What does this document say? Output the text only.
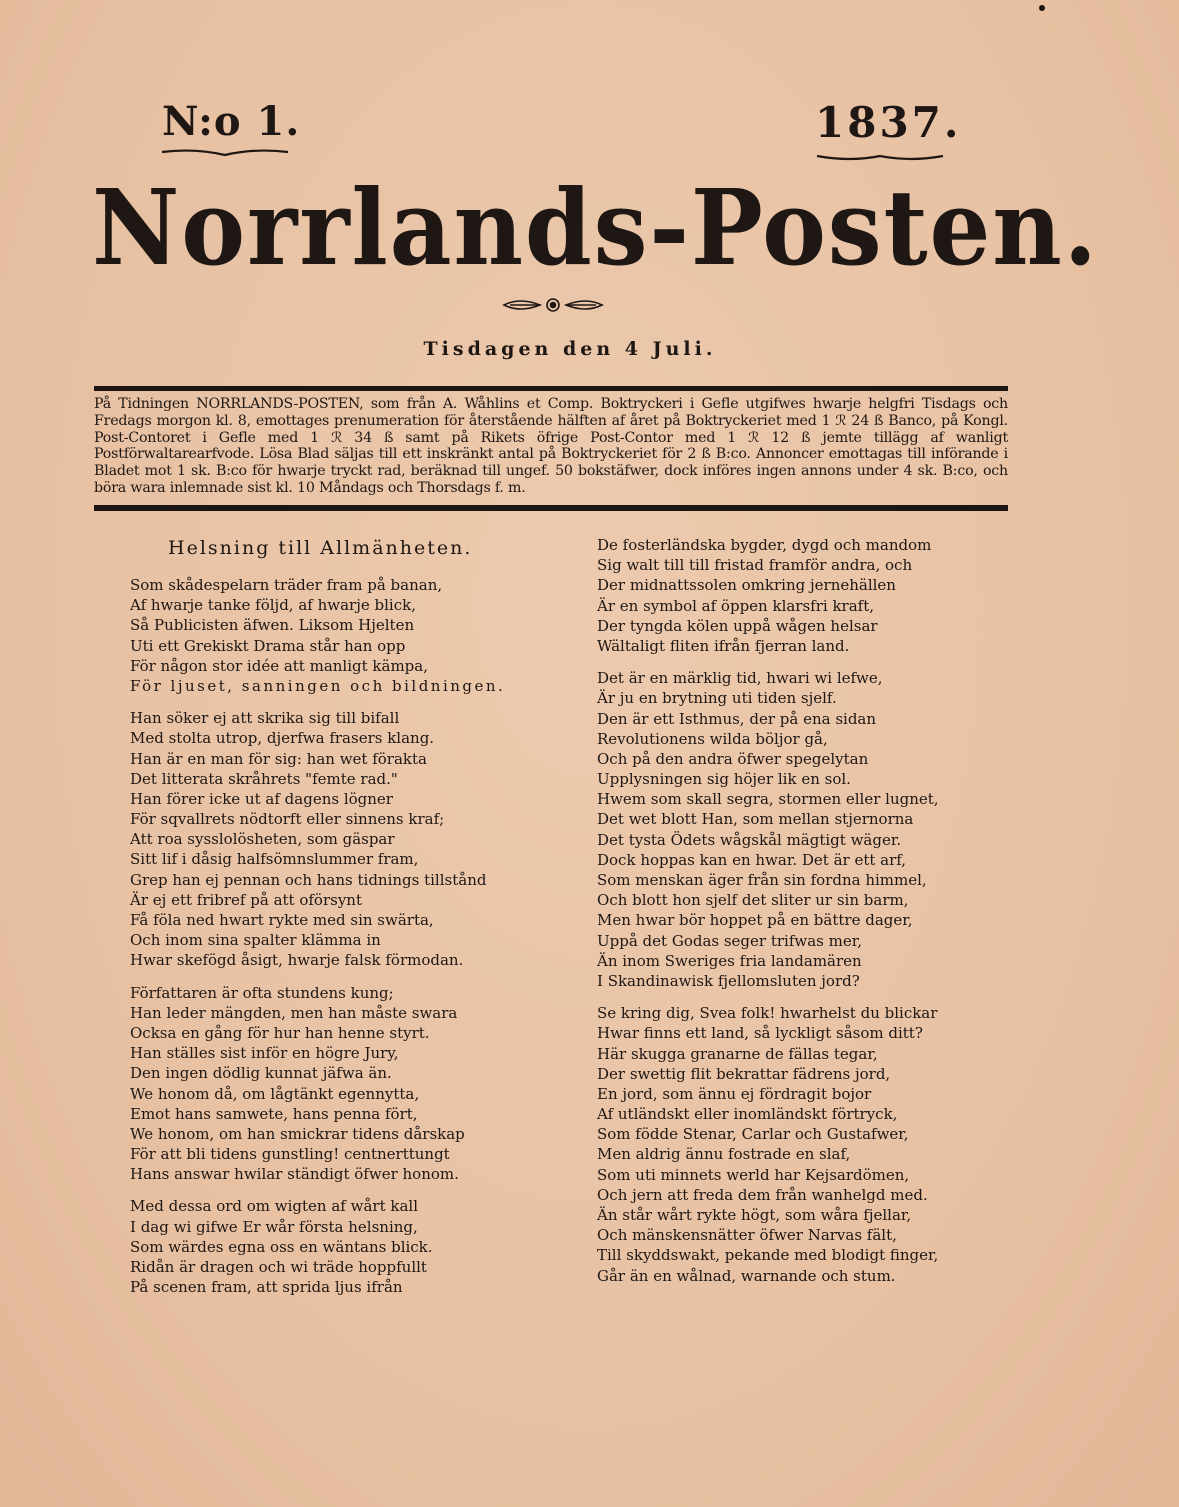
N:o 1.	1837.
Norrlands-Posten.
Tisdagen den 4 Juli.
På Tidningen NORRLANDS-POSTEN, som från A. Wåhlins et Comp. Boktryckeri i Gefle utgifwes hwarje helgfri Tisdags och Fredags morgon kl. 8, emottages prenumeration för återstående hälften af året på Boktryckeriet med 1 ℛ 24 ß Banco, på Kongl. Post-Contoret i Gefle med 1 ℛ 34 ß samt på Rikets öfrige Post-Contor med 1 ℛ 12 ß jemte tillägg af wanligt Postförwaltarearfvode. Lösa Blad säljas till ett inskränkt antal på Boktryckeriet för 2 ß B:co. Annoncer emottagas till införande i Bladet mot 1 sk. B:co för hwarje tryckt rad, beräknad till ungef. 50 bokstäfwer, dock införes ingen annons under 4 sk. B:co, och böra wara inlemnade sist kl. 10 Måndags och Thorsdags f. m.
Helsning till Allmänheten.
Som skådespelarn träder fram på banan,
Af hwarje tanke följd, af hwarje blick,
Så Publicisten äfwen. Liksom Hjelten
Uti ett Grekiskt Drama står han opp
För någon stor idée att manligt kämpa,
För ljuset, sanningen och bildningen.
Han söker ej att skrika sig till bifall
Med stolta utrop, djerfwa frasers klang.
Han är en man för sig: han wet förakta
Det litterata skråhrets "femte rad."
Han förer icke ut af dagens lögner
För sqvallrets nödtorft eller sinnens kraf;
Att roa sysslolösheten, som gäspar
Sitt lif i dåsig halfsömnslummer fram,
Grep han ej pennan och hans tidnings tillstånd
Är ej ett fribref på att oförsynt
Få föla ned hwart rykte med sin swärta,
Och inom sina spalter klämma in
Hwar skefögd åsigt, hwarje falsk förmodan.
Författaren är ofta stundens kung;
Han leder mängden, men han måste swara
Ocksa en gång för hur han henne styrt.
Han ställes sist inför en högre Jury,
Den ingen dödlig kunnat jäfwa än.
We honom då, om lågtänkt egennytta,
Emot hans samwete, hans penna fört,
We honom, om han smickrar tidens dårskap
För att bli tidens gunstling! centnerttungt
Hans answar hwilar ständigt öfwer honom.
Med dessa ord om wigten af wårt kall
I dag wi gifwe Er wår första helsning,
Som wärdes egna oss en wäntans blick.
Ridån är dragen och wi träde hoppfullt
På scenen fram, att sprida ljus ifrån
De fosterländska bygder, dygd och mandom
Sig walt till till fristad framför andra, och
Der midnattssolen omkring jernehällen
Är en symbol af öppen klarsfri kraft,
Der tyngda kölen uppå wågen helsar
Wältaligt fliten ifrån fjerran land.
Det är en märklig tid, hwari wi lefwe,
Är ju en brytning uti tiden sjelf.
Den är ett Isthmus, der på ena sidan
Revolutionens wilda böljor gå,
Och på den andra öfwer spegelytan
Upplysningen sig höjer lik en sol.
Hwem som skall segra, stormen eller lugnet,
Det wet blott Han, som mellan stjernorna
Det tysta Ödets wågskål mägtigt wäger.
Dock hoppas kan en hwar. Det är ett arf,
Som menskan äger från sin fordna himmel,
Och blott hon sjelf det sliter ur sin barm,
Men hwar bör hoppet på en bättre dager,
Uppå det Godas seger trifwas mer,
Än inom Sweriges fria landamären
I Skandinawisk fjellomsluten jord?
Se kring dig, Svea folk! hwarhelst du blickar
Hwar finns ett land, så lyckligt såsom ditt?
Här skuggа granarne de fällas tegar,
Der swettig flit bekrattar fädrens jord,
En jord, som ännu ej fördragit bojor
Af utländskt eller inomländskt förtryck,
Som födde Stenar, Carlar och Gustafwer,
Men aldrig ännu fostrade en slaf,
Som uti minnets werld har Kejsardömen,
Och jern att freda dem från wanhelgd med.
Än står wårt rykte högt, som wåra fjellar,
Och mänskensnätter öfwer Narvas fält,
Till skyddswakt, pekande med blodigt finger,
Går än en wålnad, warnande och stum.
